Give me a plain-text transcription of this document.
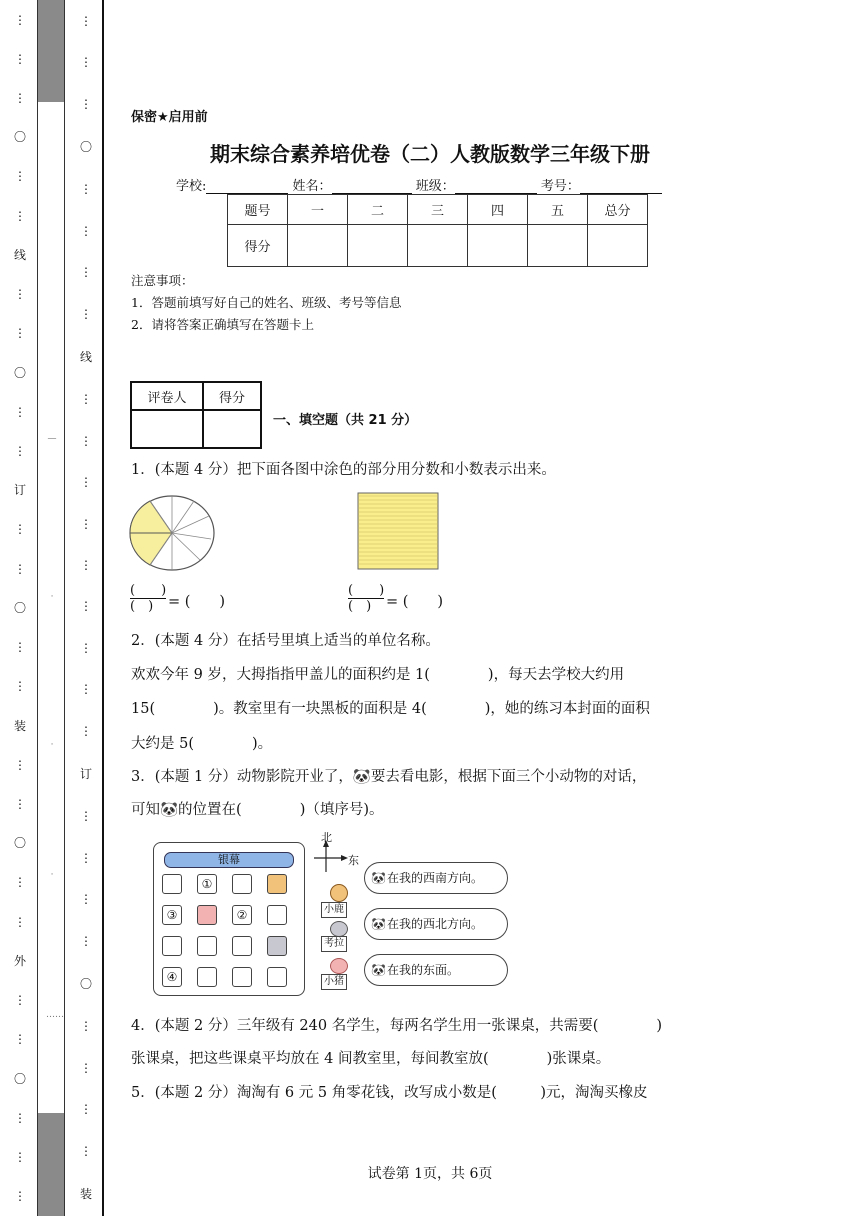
⋮
⋮
⋮
〇
⋮
⋮
线
⋮
⋮
〇
⋮
⋮
订
⋮
⋮
〇
⋮
⋮
装
⋮
⋮
〇
⋮
⋮
外
⋮
⋮
〇
⋮
⋮
⋮
—
·
·
·
……
⋮
⋮
⋮
〇
⋮
⋮
⋮
⋮
线
⋮
⋮
⋮
⋮
⋮
⋮
⋮
⋮
⋮
订
⋮
⋮
⋮
⋮
〇
⋮
⋮
⋮
⋮
装
保密★启用前
期末综合素养培优卷（二）人教版数学三年级下册
学校:	姓名：	班级：	考号：
题号	一	二	三	四	五	总分
得分						
注意事项：
1．答题前填写好自己的姓名、班级、考号等信息
2．请将答案正确填写在答题卡上
评卷人	得分

一、填空题（共 21 分）
1．(本题 4 分）把下面各图中涂色的部分用分数和小数表示出来。
(　　)
(　)	= (　　)
(　　)
(　)	= (　　)
2．(本题 4 分）在括号里填上适当的单位名称。
欢欢今年 9 岁，大拇指指甲盖儿的面积约是 1(　　　　)，每天去学校大约用
15(　　　　)。教室里有一块黑板的面积是 4(　　　　)，她的练习本封面的面积
大约是 5(　　　　)。
3．(本题 1 分）动物影院开业了，🐼要去看电影，根据下面三个小动物的对话，
可知🐼的位置在(　　　　)（填序号)。
银幕
①
③	②
④
北
东
小鹿
考拉
小猪
🐼 在我的西南方向。
🐼 在我的西北方向。
🐼 在我的东面。
4．(本题 2 分）三年级有 240 名学生，每两名学生用一张课桌，共需要(　　　　)
张课桌，把这些课桌平均放在 4 间教室里，每间教室放(　　　　)张课桌。
5．(本题 2 分）淘淘有 6 元 5 角零花钱，改写成小数是(　　　)元，淘淘买橡皮
试卷第 1页，共 6页
